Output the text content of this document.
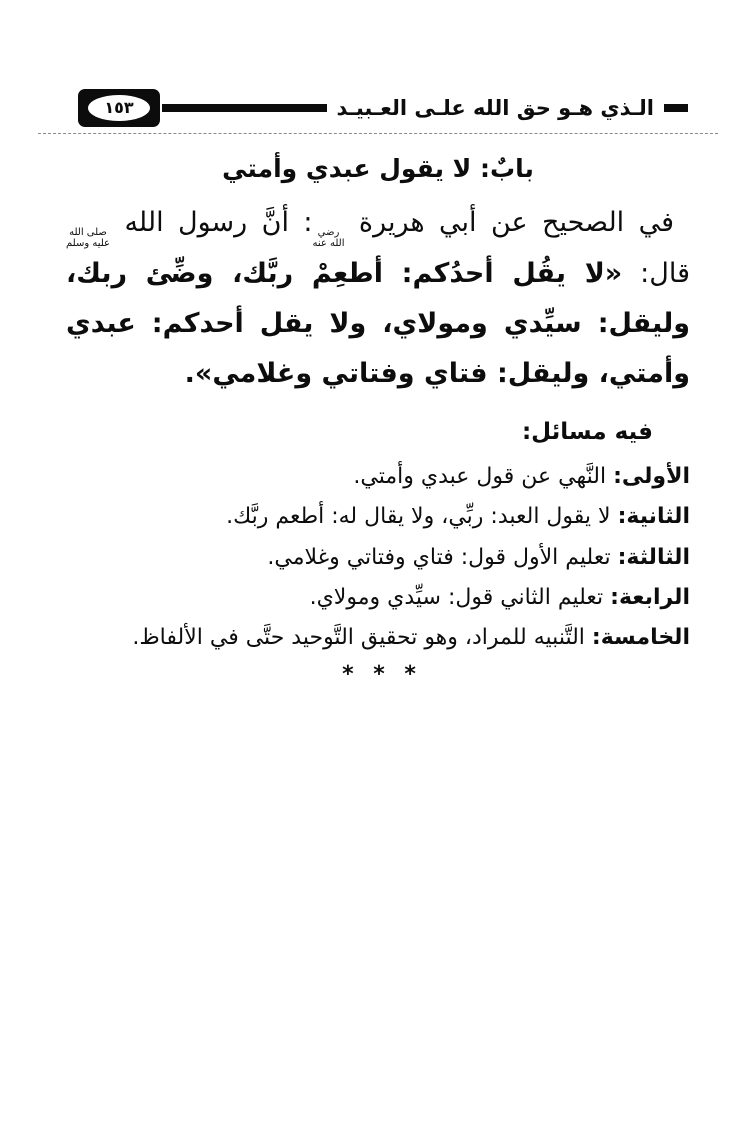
الـذي هـو حق الله علـى العـبيـد
١٥٣
بابٌ: لا يقول عبدي وأمتي

في الصحيح عن أبي هريرة
رضي
الله عنه
: أنَّ رسول الله
صلى الله
عليه وسلم
قال: «لا يقُل أحدُكم: أطعِمْ ربَّك، وضِّئ ربك، وليقل: سيِّدي ومولاي، ولا يقل أحدكم: عبدي وأمتي، وليقل: فتاي وفتاتي وغلامي».

فيه مسائل:
الأولى: النَّهي عن قول عبدي وأمتي.
الثانية: لا يقول العبد: ربِّي، ولا يقال له: أطعم ربَّك.
الثالثة: تعليم الأول قول: فتاي وفتاتي وغلامي.
الرابعة: تعليم الثاني قول: سيِّدي ومولاي.
الخامسة: التَّنبيه للمراد، وهو تحقيق التَّوحيد حتَّى في الألفاظ.
* * *
